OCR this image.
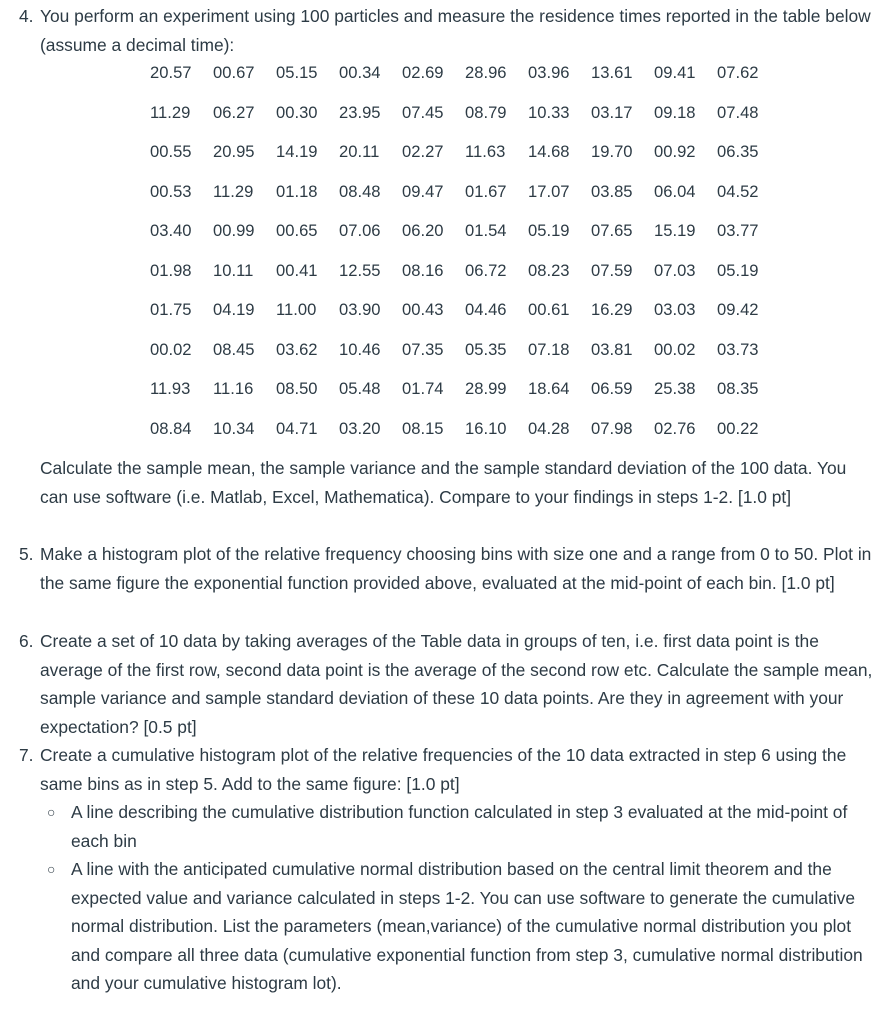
4. You perform an experiment using 100 particles and measure the residence times reported in the table below (assume a decimal time):
20.57	00.67	05.15	00.34	02.69	28.96	03.96	13.61	09.41	07.62
11.29	06.27	00.30	23.95	07.45	08.79	10.33	03.17	09.18	07.48
00.55	20.95	14.19	20.11	02.27	11.63	14.68	19.70	00.92	06.35
00.53	11.29	01.18	08.48	09.47	01.67	17.07	03.85	06.04	04.52
03.40	00.99	00.65	07.06	06.20	01.54	05.19	07.65	15.19	03.77
01.98	10.11	00.41	12.55	08.16	06.72	08.23	07.59	07.03	05.19
01.75	04.19	11.00	03.90	00.43	04.46	00.61	16.29	03.03	09.42
00.02	08.45	03.62	10.46	07.35	05.35	07.18	03.81	00.02	03.73
11.93	11.16	08.50	05.48	01.74	28.99	18.64	06.59	25.38	08.35
08.84	10.34	04.71	03.20	08.15	16.10	04.28	07.98	02.76	00.22
Calculate the sample mean, the sample variance and the sample standard deviation of the 100 data. You can use software (i.e. Matlab, Excel, Mathematica). Compare to your findings in steps 1-2. [1.0 pt]
5. Make a histogram plot of the relative frequency choosing bins with size one and a range from 0 to 50. Plot in the same figure the exponential function provided above, evaluated at the mid-point of each bin. [1.0 pt]
6. Create a set of 10 data by taking averages of the Table data in groups of ten, i.e. first data point is the average of the first row, second data point is the average of the second row etc. Calculate the sample mean, sample variance and sample standard deviation of these 10 data points. Are they in agreement with your expectation? [0.5 pt]
7. Create a cumulative histogram plot of the relative frequencies of the 10 data extracted in step 6 using the same bins as in step 5. Add to the same figure: [1.0 pt]
○ A line describing the cumulative distribution function calculated in step 3 evaluated at the mid-point of each bin
○ A line with the anticipated cumulative normal distribution based on the central limit theorem and the expected value and variance calculated in steps 1-2. You can use software to generate the cumulative normal distribution. List the parameters (mean,variance) of the cumulative normal distribution you plot and compare all three data (cumulative exponential function from step 3, cumulative normal distribution and your cumulative histogram lot).
